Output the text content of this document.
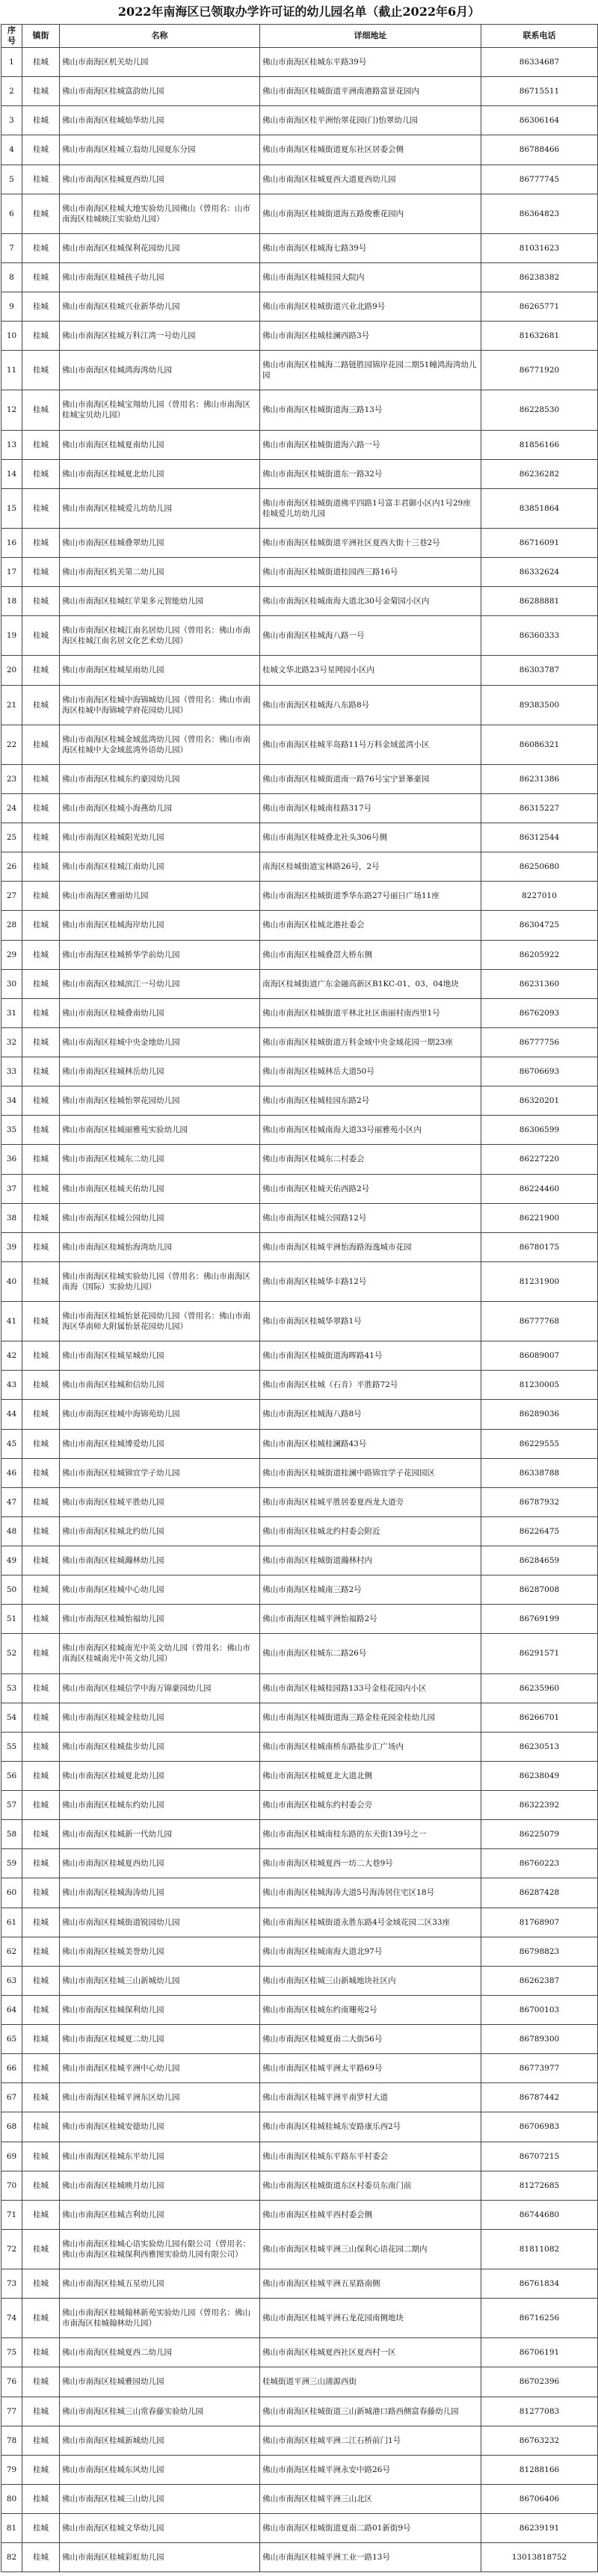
2022年南海区已领取办学许可证的幼儿园名单（截止2022年6月）
序号	镇街	名称	详细地址	联系电话
1	桂城	佛山市南海区机关幼儿园	佛山市南海区桂城东平路39号	86334687
2	桂城	佛山市南海区桂城富韵幼儿园	佛山市南海区桂城街道平洲南港路富景花园内	86715511
3	桂城	佛山市南海区桂城灿华幼儿园	佛山市南海区桂平洲怡翠花园(门)怡翠幼儿园	86306164
4	桂城	佛山市南海区桂城立翁幼儿园夏东分园	佛山市南海区桂城街道夏东社区居委会侧	86788466
5	桂城	佛山市南海区桂城夏西幼儿园	佛山市南海区桂城夏西大道夏西幼儿园	86777745
6	桂城	佛山市南海区桂城大地实验幼儿园佛山（曾用名：山市南海区桂城映江实验幼儿园）	佛山市南海区桂城街道海五路俊雅花园内	86364823
7	桂城	佛山市南海区桂城保利花园幼儿园	佛山市南海区桂城海七路39号	81031623
8	桂城	佛山市南海区桂城孩子幼儿园	佛山市南海区桂城桂园大院内	86238382
9	桂城	佛山市南海区桂城兴业新华幼儿园	佛山市南海区桂城街道兴业北路9号	86265771
10	桂城	佛山市南海区桂城万科江湾一号幼儿园	佛山市南海区桂城桂澜西路3号	81632681
11	桂城	佛山市南海区桂城鸿海湾幼儿园	佛山市南海区桂城海二路链胜园锦岸花园二期51幢鸿海湾幼儿园	86771920
12	桂城	佛山市南海区桂城宝翔幼儿园（曾用名：佛山市南海区桂城宝贝幼儿园）	佛山市南海区桂城街道海三路13号	86228530
13	桂城	佛山市南海区桂城夏南幼儿园	佛山市南海区桂城街道海六路一号	81856166
14	桂城	佛山市南海区桂城夏北幼儿园	佛山市南海区桂城街道东一路32号	86236282
15	桂城	佛山市南海区桂城爱儿坊幼儿园	佛山市南海区桂城街道佛平四路1号富丰君御小区内1号29座桂城爱儿坊幼儿园	83851864
16	桂城	佛山市南海区桂城叠翠幼儿园	佛山市南海区桂城街道平洲社区夏西大街十三巷2号	86716091
17	桂城	佛山市南海区机关第二幼儿园	佛山市南海区桂城街道桂园西三路16号	86332624
18	桂城	佛山市南海区桂城红苹果多元智能幼儿园	佛山市南海区桂城南海大道北30号金菊园小区内	86288881
19	桂城	佛山市南海区桂城江南名居幼儿园（曾用名：佛山市南海区桂城江南名居文化艺术幼儿园）	佛山市南海区桂城海八路一号	86360333
20	桂城	佛山市南海区桂城星雨幼儿园	桂城文华北路23号星网园小区内	86303787
21	桂城	佛山市南海区桂城中海锦城幼儿园（曾用名：佛山市南海区桂城中海锦城学府花园幼儿园）	佛山市南海区桂城海八东路8号	89383500
22	桂城	佛山市南海区桂城金域蓝湾幼儿园（曾用名：佛山市南海区桂城中大金域蓝湾外语幼儿园）	佛山市南海区桂城半岛路11号万科金域蓝湾小区	86086321
23	桂城	佛山市南海区桂城东约豪园幼儿园	佛山市南海区桂城街道南一路76号宝宁景峯豪园	86231386
24	桂城	佛山市南海区桂城小海燕幼儿园	佛山市南海区桂城南桂路317号	86315227
25	桂城	佛山市南海区桂城阳光幼儿园	佛山市南海区桂城叠北社头306号侧	86312544
26	桂城	佛山市南海区桂城江南幼儿园	南海区桂城街道宝林路26号，2号	86250680
27	桂城	佛山市南海区雅丽幼儿园	佛山市南海区桂城街道季华东路27号丽日广场11座	8227010
28	桂城	佛山市南海区桂城海岸幼儿园	佛山市南海区桂城北港社委会	86304725
29	桂城	佛山市南海区桂城桥华学前幼儿园	佛山市南海区桂城叠滘大桥东侧	86205922
30	桂城	佛山市南海区桂城滨江一号幼儿园	南海区桂城街道广东金融高新区B1KC-01、03、04地块	86231360
31	桂城	佛山市南海区桂城叠南幼儿园	佛山市南海区桂城街道平林北社区南丽村南西里1号	86762093
32	桂城	佛山市南海区桂城中央金地幼儿园	佛山市南海区桂城街道万科金域中央金域花园一期23座	86777756
33	桂城	佛山市南海区桂城林岳幼儿园	佛山市南海区桂城林岳大道50号	86706693
34	桂城	佛山市南海区桂城怡翠花园幼儿园	佛山市南海区桂城桂园东路2号	86320201
35	桂城	佛山市南海区桂城丽雅苑实验幼儿园	佛山市南海区桂城南海大道33号丽雅苑小区内	86306599
36	桂城	佛山市南海区桂城东二幼儿园	佛山市南海区桂城东二村委会	86227220
37	桂城	佛山市南海区桂城天佑幼儿园	佛山市南海区桂城天佑西路2号	86224460
38	桂城	佛山市南海区桂城公园幼儿园	佛山市南海区桂城公园路12号	86221900
39	桂城	佛山市南海区桂城怡海湾幼儿园	佛山市南海区桂城平洲怡海路海逸城市花园	86780175
40	桂城	佛山市南海区桂城实验幼儿园（曾用名：佛山市南海区南海（国际）实验幼儿园）	佛山市南海区桂城华丰路12号	81231900
41	桂城	佛山市南海区桂城怡景花园幼儿园（曾用名：佛山市南海区华南师大附属怡景花园幼儿园）	佛山市南海区桂城华翠路1号	86777768
42	桂城	佛山市南海区桂城星城幼儿园	佛山市南海区桂城街道海晖路41号	86089007
43	桂城	佛山市南海区桂城和信幼儿园	佛山市南海区桂城（石肯）平胜路72号	81230005
44	桂城	佛山市南海区桂城中海锦苑幼儿园	佛山市南海区桂城海八路8号	86289036
45	桂城	佛山市南海区桂城博爱幼儿园	佛山市南海区桂城桂澜路43号	86229555
46	桂城	佛山市南海区桂城锦宜学子幼儿园	佛山市南海区桂城街道桂澜中路锦宜学子花园园区	86338788
47	桂城	佛山市南海区桂城平胜幼儿园	佛山市南海区桂城平胜居委夏西龙大道旁	86787932
48	桂城	佛山市南海区桂城北约幼儿园	佛山市南海区桂城北约村委会附近	86226475
49	桂城	佛山市南海区桂城瀚林幼儿园	佛山市南海区桂城街道瀚林村内	86284659
50	桂城	佛山市南海区桂城中心幼儿园	佛山市南海区桂城南三路2号	86287008
51	桂城	佛山市南海区桂城怡福幼儿园	佛山市南海区桂城平洲怡福路2号	86769199
52	桂城	佛山市南海区桂城南光中英文幼儿园（曾用名：佛山市南海区桂城南光中英文幼儿园）	佛山市南海区桂城东二路26号	86291571
53	桂城	佛山市南海区桂城信学中海万锦豪园幼儿园	佛山市南海区桂城桂园路133号金桂花园内小区	86235960
54	桂城	佛山市南海区桂城金桂幼儿园	佛山市南海区桂城街道海三路金桂花园金桂幼儿园	86266701
55	桂城	佛山市南海区桂城盐步幼儿园	佛山市南海区桂城南桥东路盐步汇广场内	86230513
56	桂城	佛山市南海区桂城夏北幼儿园	佛山市南海区桂城夏北大道北侧	86238049
57	桂城	佛山市南海区桂城东约幼儿园	佛山市南海区桂城东约村委会旁	86322392
58	桂城	佛山市南海区桂城新一代幼儿园	佛山市南海区桂城南桂东路的东天街139号之一	86225079
59	桂城	佛山市南海区桂城夏西幼儿园	佛山市南海区桂城夏西一坊二大巷9号	86760223
60	桂城	佛山市南海区桂城海涛幼儿园	佛山市南海区桂城海涛大道5号海涛居住宅区18号	86287428
61	桂城	佛山市南海区桂城街道锐园幼儿园	佛山市南海区桂城街道永胜东路4号金域花园二区33座	81768907
62	桂城	佛山市南海区桂城美誉幼儿园	佛山市南海区桂城南海大道北97号	86798823
63	桂城	佛山市南海区桂城三山新城幼儿园	佛山市南海区桂城三山新城地块社区内	86262387
64	桂城	佛山市南海区桂城保利幼儿园	佛山市南海区桂城东约南珊苑2号	86700103
65	桂城	佛山市南海区桂城夏二幼儿园	佛山市南海区桂城夏南二大街56号	86789300
66	桂城	佛山市南海区桂城平洲中心幼儿园	佛山市南海区桂城平洲太平路69号	86773977
67	桂城	佛山市南海区桂城平洲东区幼儿园	佛山市南海区桂城平洲平南罗村大道	86787442
68	桂城	佛山市南海区桂城安德幼儿园	佛山市南海区桂城桂城东安路康乐西2号	86706983
69	桂城	佛山市南海区桂城东平幼儿园	佛山市南海区桂城东平路东平村委会	86707215
70	桂城	佛山市南海区桂城映月幼儿园	佛山市南海区桂城街道东区村委员东南门前	81272685
71	桂城	佛山市南海区桂城吉利幼儿园	佛山市南海区桂城平西村委会侧	86744680
72	桂城	佛山市南海区桂城心语实验幼儿园有限公司（曾用名：佛山市南海区桂城保利西雅图实验幼儿园有限公司）	佛山市南海区桂城平洲三山保利心语花园二期内	81811082
73	桂城	佛山市南海区桂城五星幼儿园	佛山市南海区桂城平洲五星路南侧	86761834
74	桂城	佛山市南海区桂城翰林新苑实验幼儿园（曾用名：佛山市南海区桂城翰林幼儿园）	佛山市南海区桂城平洲石龙花园南侧地块	86716256
75	桂城	佛山市南海区桂城夏西二幼儿园	佛山市南海区桂城夏西社区夏西村一区	86706191
76	桂城	佛山市南海区桂城雅园幼儿园	桂城街道平洲三山浦源西街	86702396
77	桂城	佛山市南海区桂城三山常春藤实验幼儿园	佛山市南海区桂城街道三山新城港口路西侧富春藤幼儿园	81277083
78	桂城	佛山市南海区桂城新城幼儿园	佛山市南海区桂城平洲二江石桥前门1号	86763232
79	桂城	佛山市南海区桂城东风幼儿园	佛山市南海区桂城平洲永安中路26号	81288166
80	桂城	佛山市南海区桂城三山幼儿园	佛山市南海区桂城平洲三山北区	86706406
81	桂城	佛山市南海区桂城文华幼儿园	佛山市南海区桂城街道夏南二路01新街9号	86239191
82	桂城	佛山市南海区桂城彩虹幼儿园	佛山市南海区桂城平洲工业一路13号	13013818752
